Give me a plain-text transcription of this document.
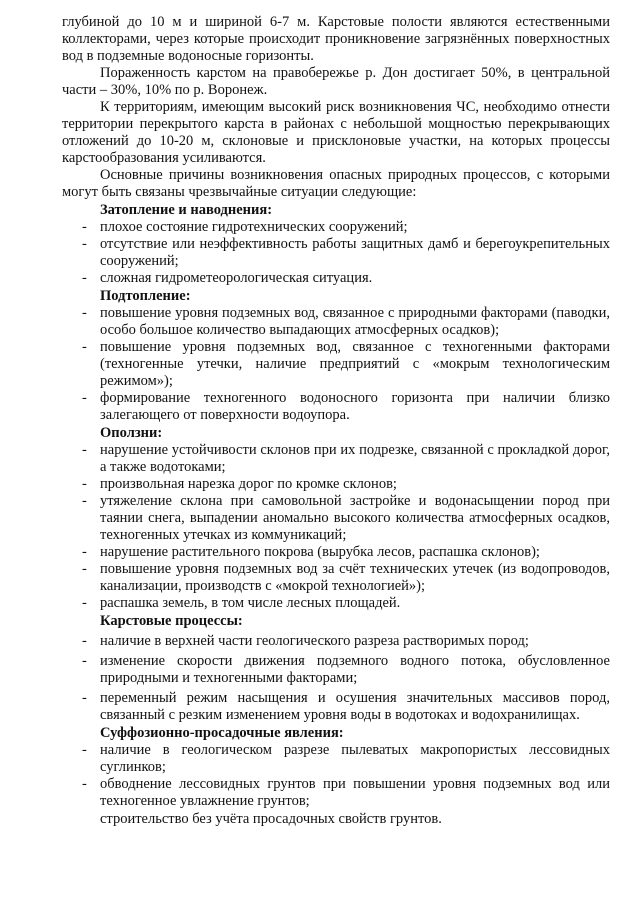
глубиной до 10 м и шириной 6-7 м. Карстовые полости являются естественными коллекторами, через которые происходит проникновение загрязнённых поверхностных вод в подземные водоносные горизонты.

Пораженность карстом на правобережье р. Дон достигает 50%, в центральной части – 30%, 10% по р. Воронеж.

К территориям, имеющим высокий риск возникновения ЧС, необходимо отнести территории перекрытого карста в районах с небольшой мощностью перекрывающих отложений до 10-20 м, склоновые и присклоновые участки, на которых процессы карстообразования усиливаются.

Основные причины возникновения опасных природных процессов, с которыми могут быть связаны чрезвычайные ситуации следующие:

Затопление и наводнения:

- плохое состояние гидротехнических сооружений;
- отсутствие или неэффективность работы защитных дамб и берегоукрепительных сооружений;
- сложная гидрометеорологическая ситуация.

Подтопление:

- повышение уровня подземных вод, связанное с природными факторами (паводки, особо большое количество выпадающих атмосферных осадков);
- повышение уровня подземных вод, связанное с техногенными факторами (техногенные утечки, наличие предприятий с «мокрым технологическим режимом»);
- формирование техногенного водоносного горизонта при наличии близко залегающего от поверхности водоупора.

Оползни:

- нарушение устойчивости склонов при их подрезке, связанной с прокладкой дорог, а также водотоками;
- произвольная нарезка дорог по кромке склонов;
- утяжеление склона при самовольной застройке и водонасыщении пород при таянии снега, выпадении аномально высокого количества атмосферных осадков, техногенных утечках из коммуникаций;
- нарушение растительного покрова (вырубка лесов, распашка склонов);
- повышение уровня подземных вод за счёт технических утечек (из водопроводов, канализации, производств с «мокрой технологией»);
- распашка земель, в том числе лесных площадей.

Карстовые процессы:

- наличие в верхней части геологического разреза растворимых пород;
- изменение скорости движения подземного водного потока, обусловленное природными и техногенными факторами;
- переменный режим насыщения и осушения значительных массивов пород, связанный с резким изменением уровня воды в водотоках и водохранилищах.

Суффозионно-просадочные явления:

- наличие в геологическом разрезе пылеватых макропористых лессовидных суглинков;
- обводнение лессовидных грунтов при повышении уровня подземных вод или техногенное увлажнение грунтов;

строительство без учёта просадочных свойств грунтов.
